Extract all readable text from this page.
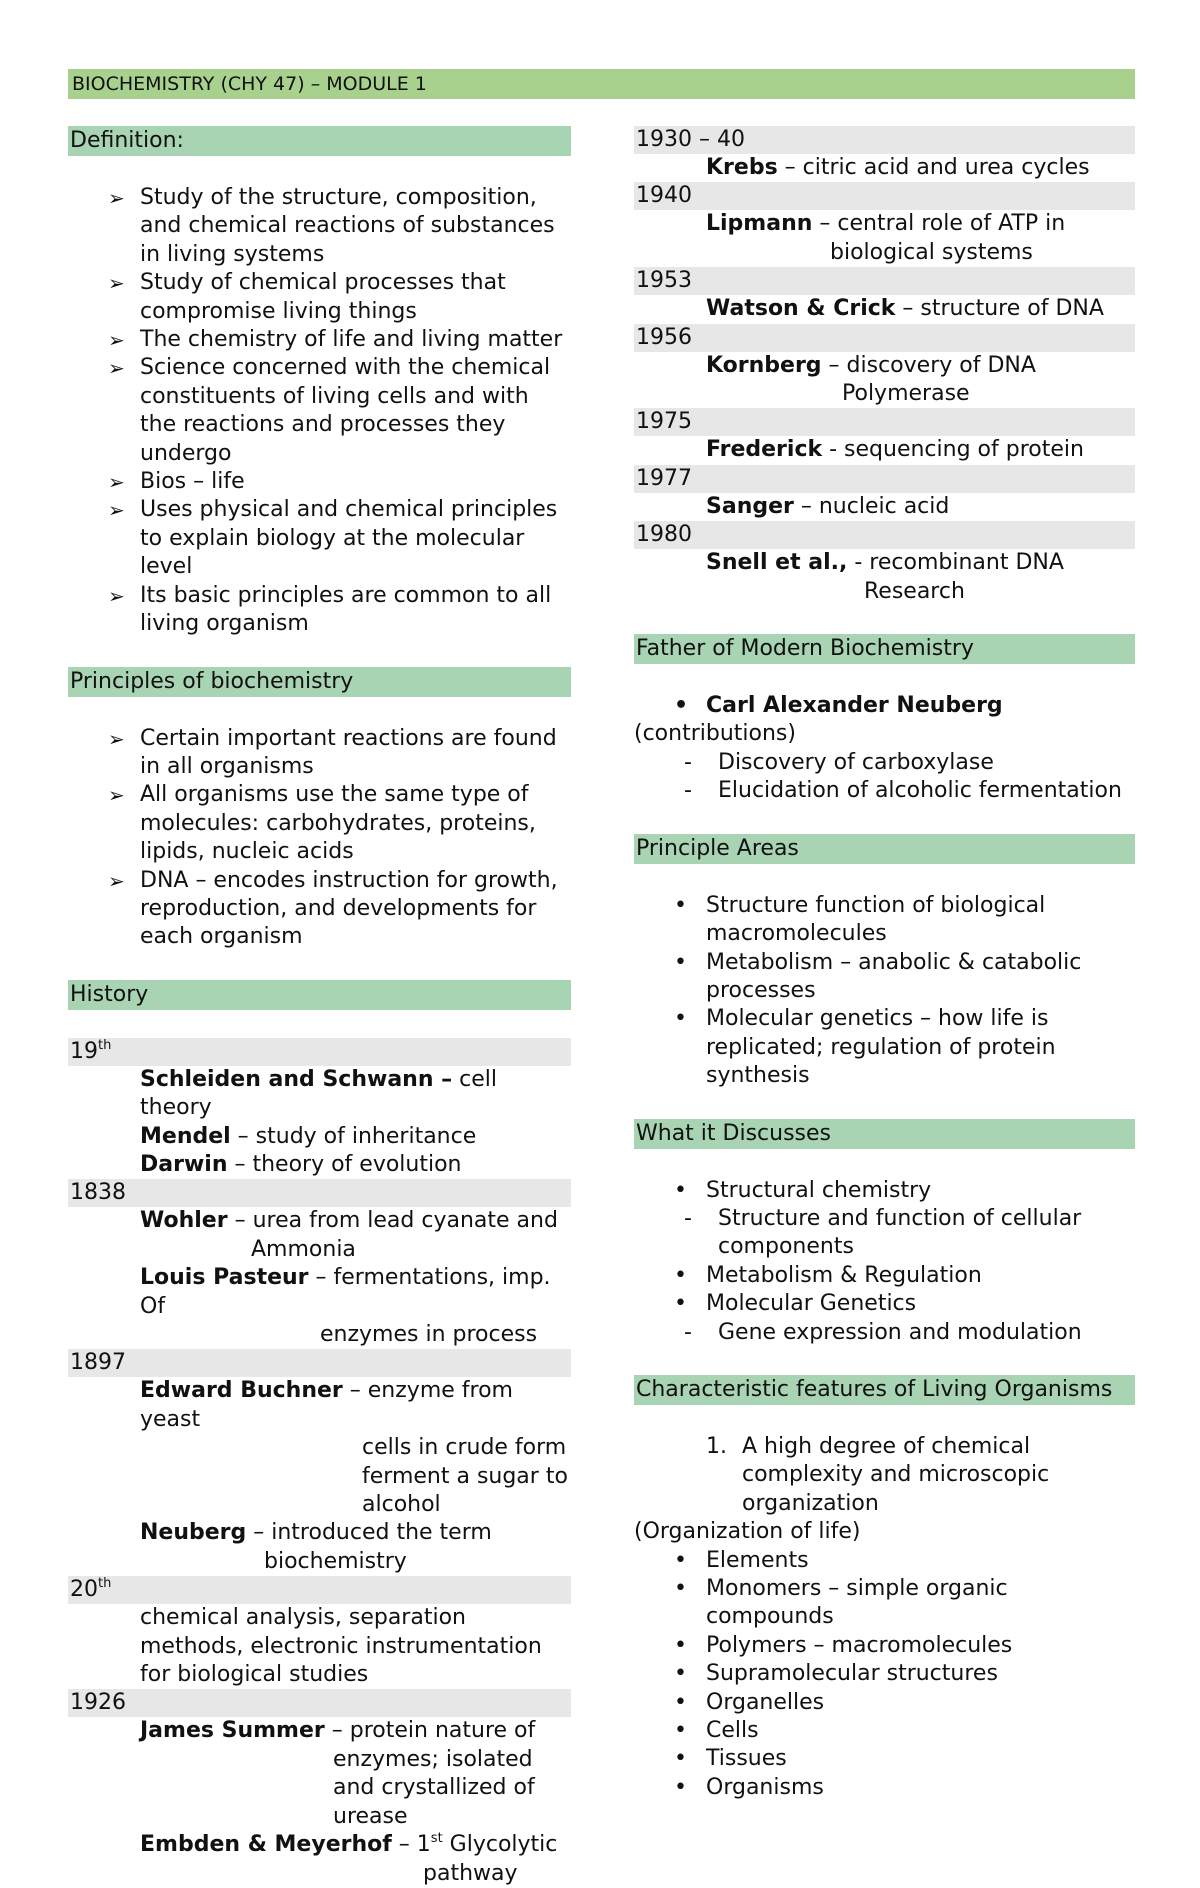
BIOCHEMISTRY (CHY 47) – MODULE 1
Definition:
➢ Study of the structure, composition, and chemical reactions of substances in living systems
➢ Study of chemical processes that compromise living things
➢ The chemistry of life and living matter
➢ Science concerned with the chemical constituents of living cells and with the reactions and processes they undergo
➢ Bios – life
➢ Uses physical and chemical principles to explain biology at the molecular level
➢ Its basic principles are common to all living organism
Principles of biochemistry
➢ Certain important reactions are found in all organisms
➢ All organisms use the same type of molecules: carbohydrates, proteins, lipids, nucleic acids
➢ DNA – encodes instruction for growth, reproduction, and developments for each organism
History
19th
Schleiden and Schwann – cell theory
Mendel – study of inheritance
Darwin – theory of evolution
1838
Wohler – urea from lead cyanate and
Ammonia
Louis Pasteur – fermentations, imp. Of
enzymes in process
1897
Edward Buchner – enzyme from yeast
cells in crude form
ferment a sugar to
alcohol
Neuberg – introduced the term
biochemistry
20th
chemical analysis, separation methods, electronic instrumentation for biological studies
1926
James Summer – protein nature of
enzymes; isolated
and crystallized of
urease
Embden & Meyerhof – 1st Glycolytic
pathway
1930 – 40
Krebs – citric acid and urea cycles
1940
Lipmann – central role of ATP in
biological systems
1953
Watson & Crick – structure of DNA
1956
Kornberg – discovery of DNA
Polymerase
1975
Frederick - sequencing of protein
1977
Sanger – nucleic acid
1980
Snell et al., - recombinant DNA
Research
Father of Modern Biochemistry
• Carl Alexander Neuberg
(contributions)
- Discovery of carboxylase
- Elucidation of alcoholic fermentation
Principle Areas
• Structure function of biological macromolecules
• Metabolism – anabolic & catabolic processes
• Molecular genetics – how life is replicated; regulation of protein synthesis
What it Discusses
• Structural chemistry
- Structure and function of cellular components
• Metabolism & Regulation
• Molecular Genetics
- Gene expression and modulation
Characteristic features of Living Organisms
1. A high degree of chemical complexity and microscopic organization
(Organization of life)
• Elements
• Monomers – simple organic compounds
• Polymers – macromolecules
• Supramolecular structures
• Organelles
• Cells
• Tissues
• Organisms
